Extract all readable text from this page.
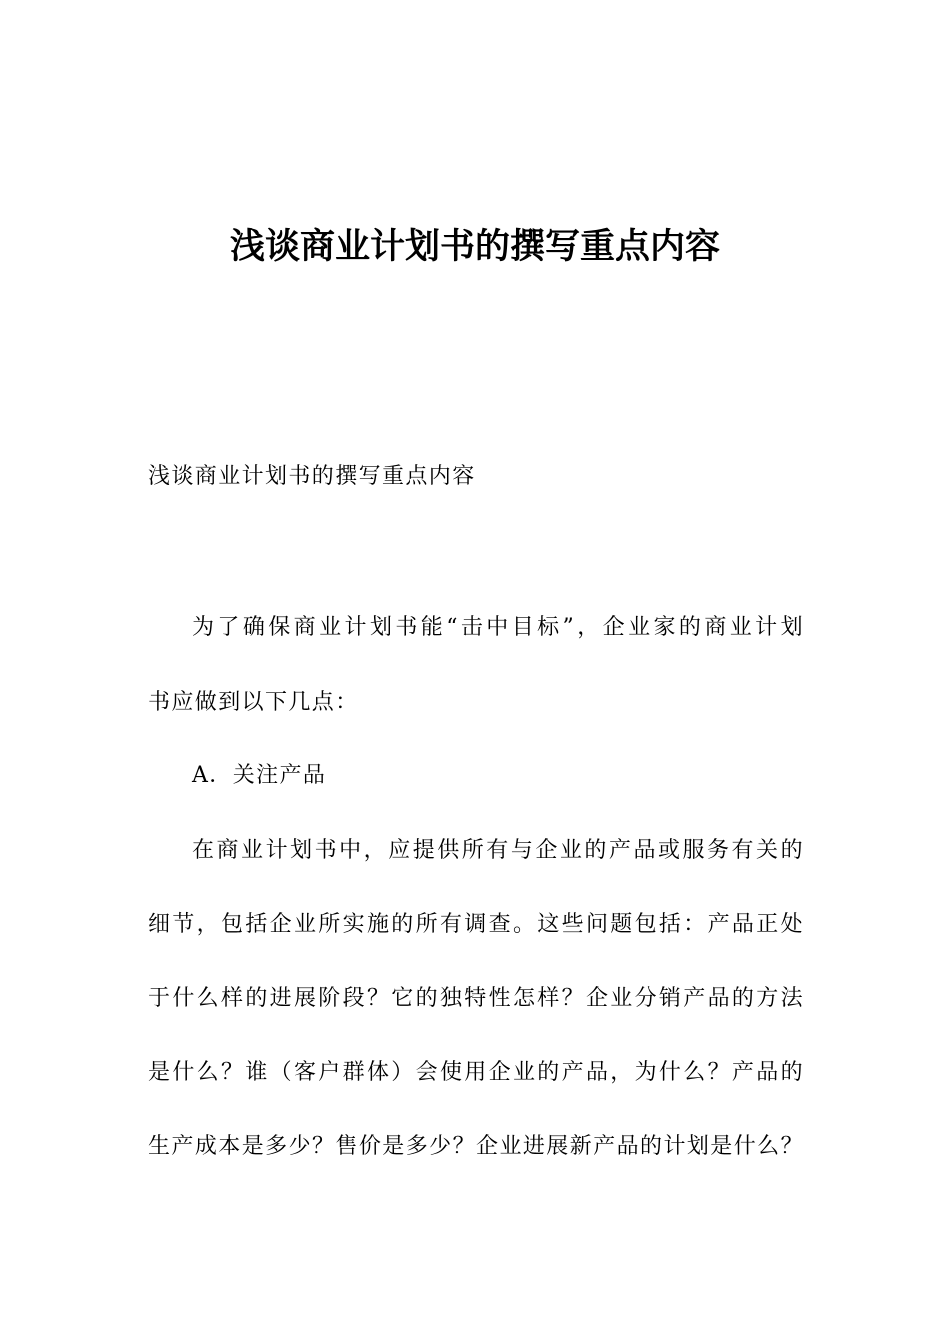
浅谈商业计划书的撰写重点内容

浅谈商业计划书的撰写重点内容

为了确保商业计划书能“击中目标”，企业家的商业计划

书应做到以下几点：

A．关注产品

在商业计划书中，应提供所有与企业的产品或服务有关的

细节，包括企业所实施的所有调查。这些问题包括：产品正处

于什么样的进展阶段？它的独特性怎样？企业分销产品的方法

是什么？谁（客户群体）会使用企业的产品，为什么？产品的

生产成本是多少？售价是多少？企业进展新产品的计划是什么？
